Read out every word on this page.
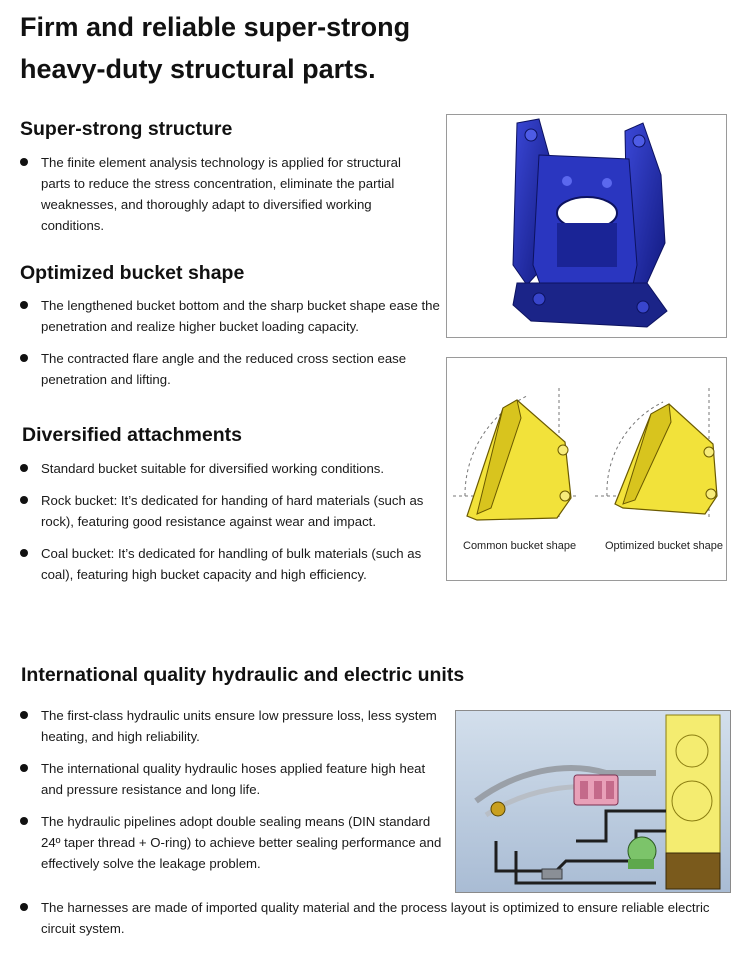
Firm and reliable super-strong heavy-duty structural parts.
Super-strong structure
The finite element analysis technology is applied for structural parts to reduce the stress concentration, eliminate the partial weaknesses, and thoroughly adapt to diversified working conditions.
Optimized bucket shape
The lengthened bucket bottom and the sharp bucket shape ease the penetration and realize higher bucket loading capacity.
The contracted flare angle and the reduced cross section ease penetration and lifting.
Diversified attachments
Standard bucket suitable for diversified working conditions.
Rock bucket: It’s dedicated for handing of hard materials (such as rock), featuring good resistance against wear and impact.
Coal bucket: It’s dedicated for handling of bulk materials (such as coal), featuring high bucket capacity and high efficiency.
International quality hydraulic and electric units
The first-class hydraulic units ensure low pressure loss, less system heating, and high reliability.
The international quality hydraulic hoses applied feature high heat and pressure resistance and long life.
The hydraulic pipelines adopt double sealing means (DIN standard 24º taper thread + O-ring) to achieve better sealing performance and effectively solve the leakage problem.
The harnesses are made of imported quality material and the process layout is optimized to ensure reliable electric circuit system.
Common bucket shape	Optimized bucket shape
